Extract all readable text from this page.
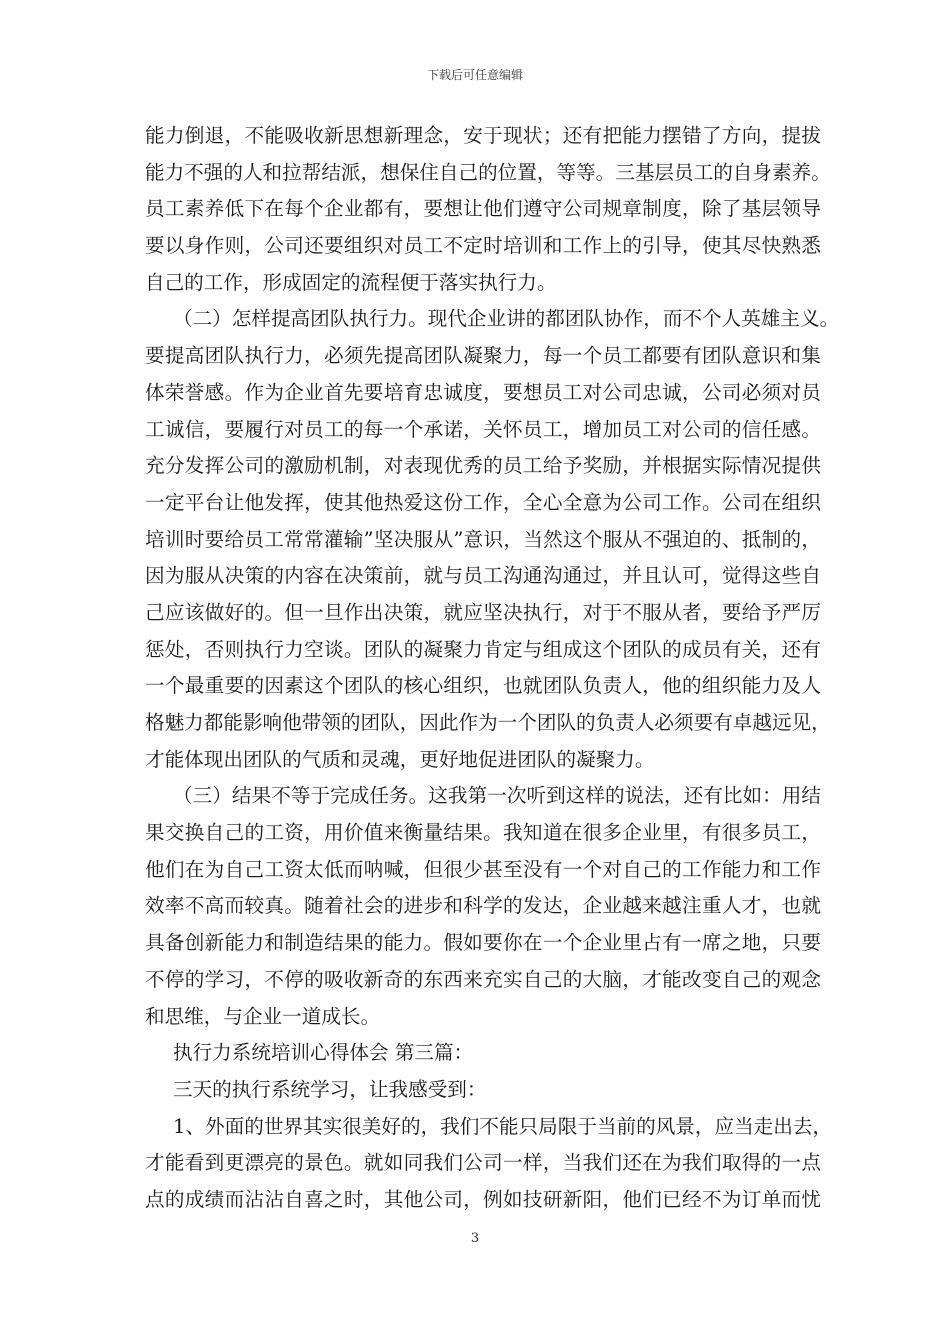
下载后可任意编辑
能力倒退，不能吸收新思想新理念，安于现状；还有把能力摆错了方向，提拔
能力不强的人和拉帮结派，想保住自己的位置，等等。三基层员工的自身素养。
员工素养低下在每个企业都有，要想让他们遵守公司规章制度，除了基层领导
要以身作则，公司还要组织对员工不定时培训和工作上的引导，使其尽快熟悉
自己的工作，形成固定的流程便于落实执行力。
（二）怎样提高团队执行力。现代企业讲的都团队协作，而不个人英雄主义。
要提高团队执行力，必须先提高团队凝聚力，每一个员工都要有团队意识和集
体荣誉感。作为企业首先要培育忠诚度，要想员工对公司忠诚，公司必须对员
工诚信，要履行对员工的每一个承诺，关怀员工，增加员工对公司的信任感。
充分发挥公司的激励机制，对表现优秀的员工给予奖励，并根据实际情况提供
一定平台让他发挥，使其他热爱这份工作，全心全意为公司工作。公司在组织
培训时要给员工常常灌输”坚决服从”意识，当然这个服从不强迫的、抵制的，
因为服从决策的内容在决策前，就与员工沟通沟通过，并且认可，觉得这些自
己应该做好的。但一旦作出决策，就应坚决执行，对于不服从者，要给予严厉
惩处，否则执行力空谈。团队的凝聚力肯定与组成这个团队的成员有关，还有
一个最重要的因素这个团队的核心组织，也就团队负责人，他的组织能力及人
格魅力都能影响他带领的团队，因此作为一个团队的负责人必须要有卓越远见，
才能体现出团队的气质和灵魂，更好地促进团队的凝聚力。
（三）结果不等于完成任务。这我第一次听到这样的说法，还有比如：用结
果交换自己的工资，用价值来衡量结果。我知道在很多企业里，有很多员工，
他们在为自己工资太低而呐喊，但很少甚至没有一个对自己的工作能力和工作
效率不高而较真。随着社会的进步和科学的发达，企业越来越注重人才，也就
具备创新能力和制造结果的能力。假如要你在一个企业里占有一席之地，只要
不停的学习，不停的吸收新奇的东西来充实自己的大脑，才能改变自己的观念
和思维，与企业一道成长。
执行力系统培训心得体会 第三篇：
三天的执行系统学习，让我感受到：
1、外面的世界其实很美好的，我们不能只局限于当前的风景，应当走出去，
才能看到更漂亮的景色。就如同我们公司一样，当我们还在为我们取得的一点
点的成绩而沾沾自喜之时，其他公司，例如技研新阳，他们已经不为订单而忧
3
